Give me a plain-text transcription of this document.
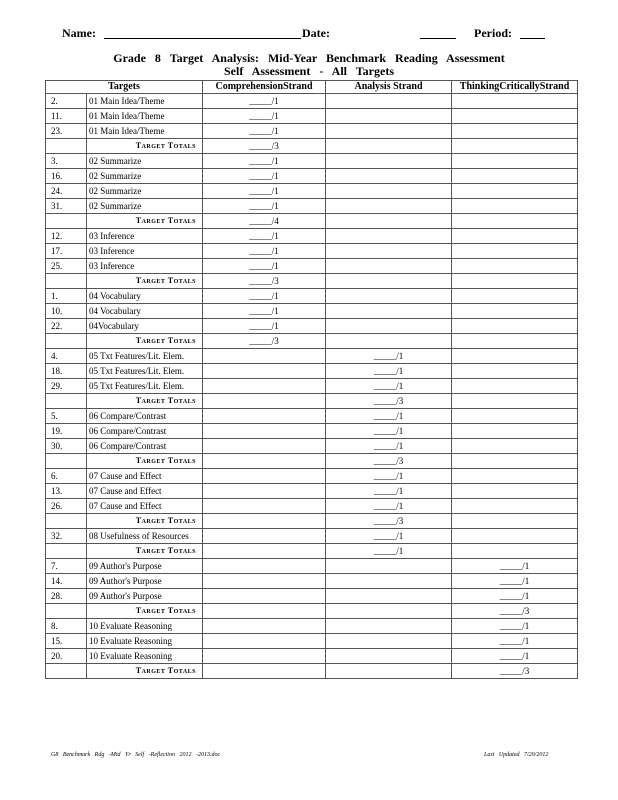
Name:	Date:	Period:
Grade 8 Target Analysis: Mid-Year Benchmark Reading Assessment
Self Assessment - All Targets
Targets		ComprehensionStrand	Analysis Strand	ThinkingCriticallyStrand
2.	01 Main Idea/Theme	_____/1		
11.	01 Main Idea/Theme	_____/1		
23.	01 Main Idea/Theme	_____/1		
	Target Totals	_____/3		
3.	02 Summarize	_____/1		
16.	02 Summarize	_____/1		
24.	02 Summarize	_____/1		
31.	02 Summarize	_____/1		
	Target Totals	_____/4		
12.	03 Inference	_____/1		
17.	03 Inference	_____/1		
25.	03 Inference	_____/1		
	Target Totals	_____/3		
1.	04 Vocabulary	_____/1		
10.	04 Vocabulary	_____/1		
22.	04Vocabulary	_____/1		
	Target Totals	_____/3		
4.	05 Txt Features/Lit. Elem.		_____/1	
18.	05 Txt Features/Lit. Elem.		_____/1	
29.	05 Txt Features/Lit. Elem.		_____/1	
	Target Totals		_____/3	
5.	06 Compare/Contrast		_____/1	
19.	06 Compare/Contrast		_____/1	
30.	06 Compare/Contrast		_____/1	
	Target Totals		_____/3	
6.	07 Cause and Effect		_____/1	
13.	07 Cause and Effect		_____/1	
26.	07 Cause and Effect		_____/1	
	Target Totals		_____/3	
32.	08 Usefulness of Resources		_____/1	
	Target Totals		_____/1	
7.	09 Author's Purpose			_____/1
14.	09 Author's Purpose			_____/1
28.	09 Author's Purpose			_____/1
	Target Totals			_____/3
8.	10 Evaluate Reasoning			_____/1
15.	10 Evaluate Reasoning			_____/1
20.	10 Evaluate Reasoning			_____/1
	Target Totals			_____/3
G8 Benchmark Rdg -Mid Yr Self -Reflection 2012 -2013.doc	Last Updated 7/20/2012
